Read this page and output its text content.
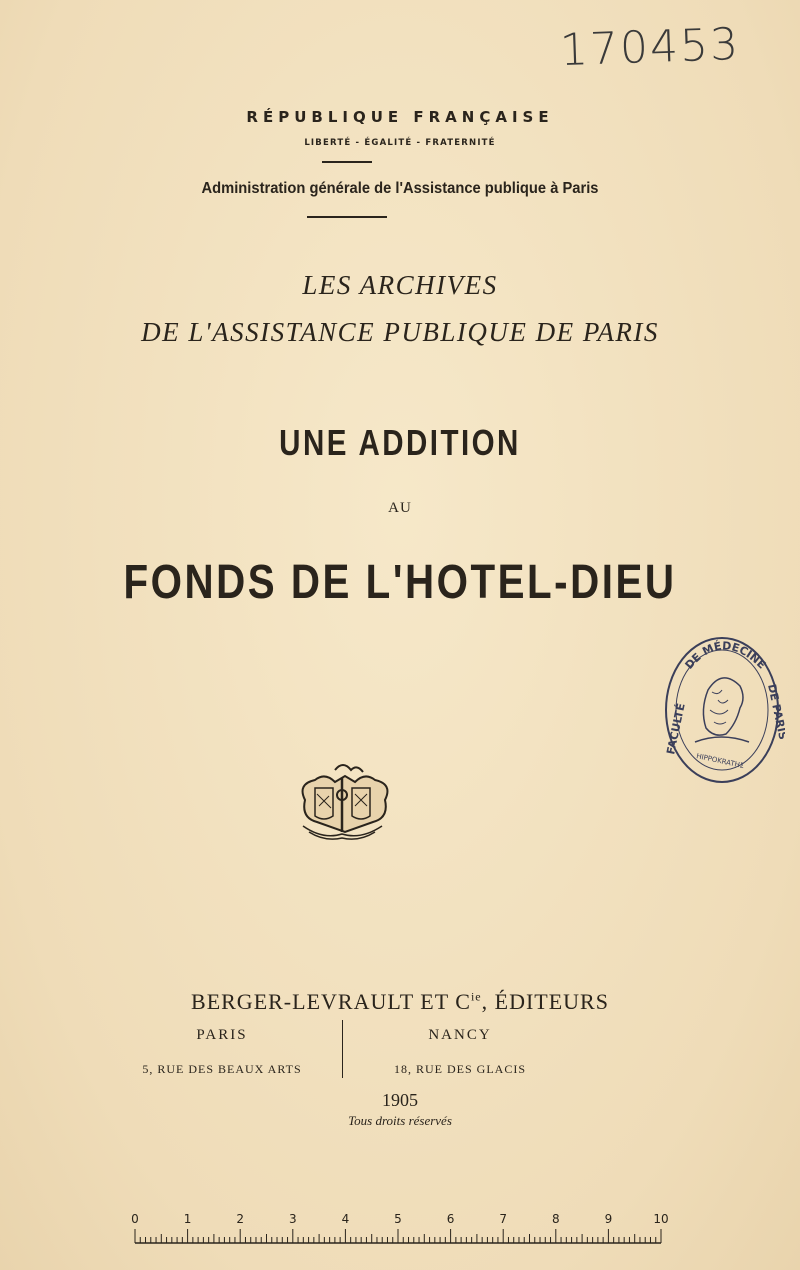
170453
RÉPUBLIQUE FRANÇAISE
LIBERTÉ - ÉGALITÉ - FRATERNITÉ
Administration générale de l'Assistance publique à Paris
LES ARCHIVES
DE L'ASSISTANCE PUBLIQUE DE PARIS
UNE ADDITION
AU
FONDS DE L'HOTEL-DIEU
DE MÉDECINE
FACULTÉ
DE PARIS
HIPPOKRATHΣ
BERGER-LEVRAULT ET $C^{ie}$, ÉDITEURS
PARIS	NANCY
5, RUE DES BEAUX ARTS	18, RUE DES GLACIS
1905
Tous droits réservés
0	1	2	3	4	5	6	7	8	9	10
